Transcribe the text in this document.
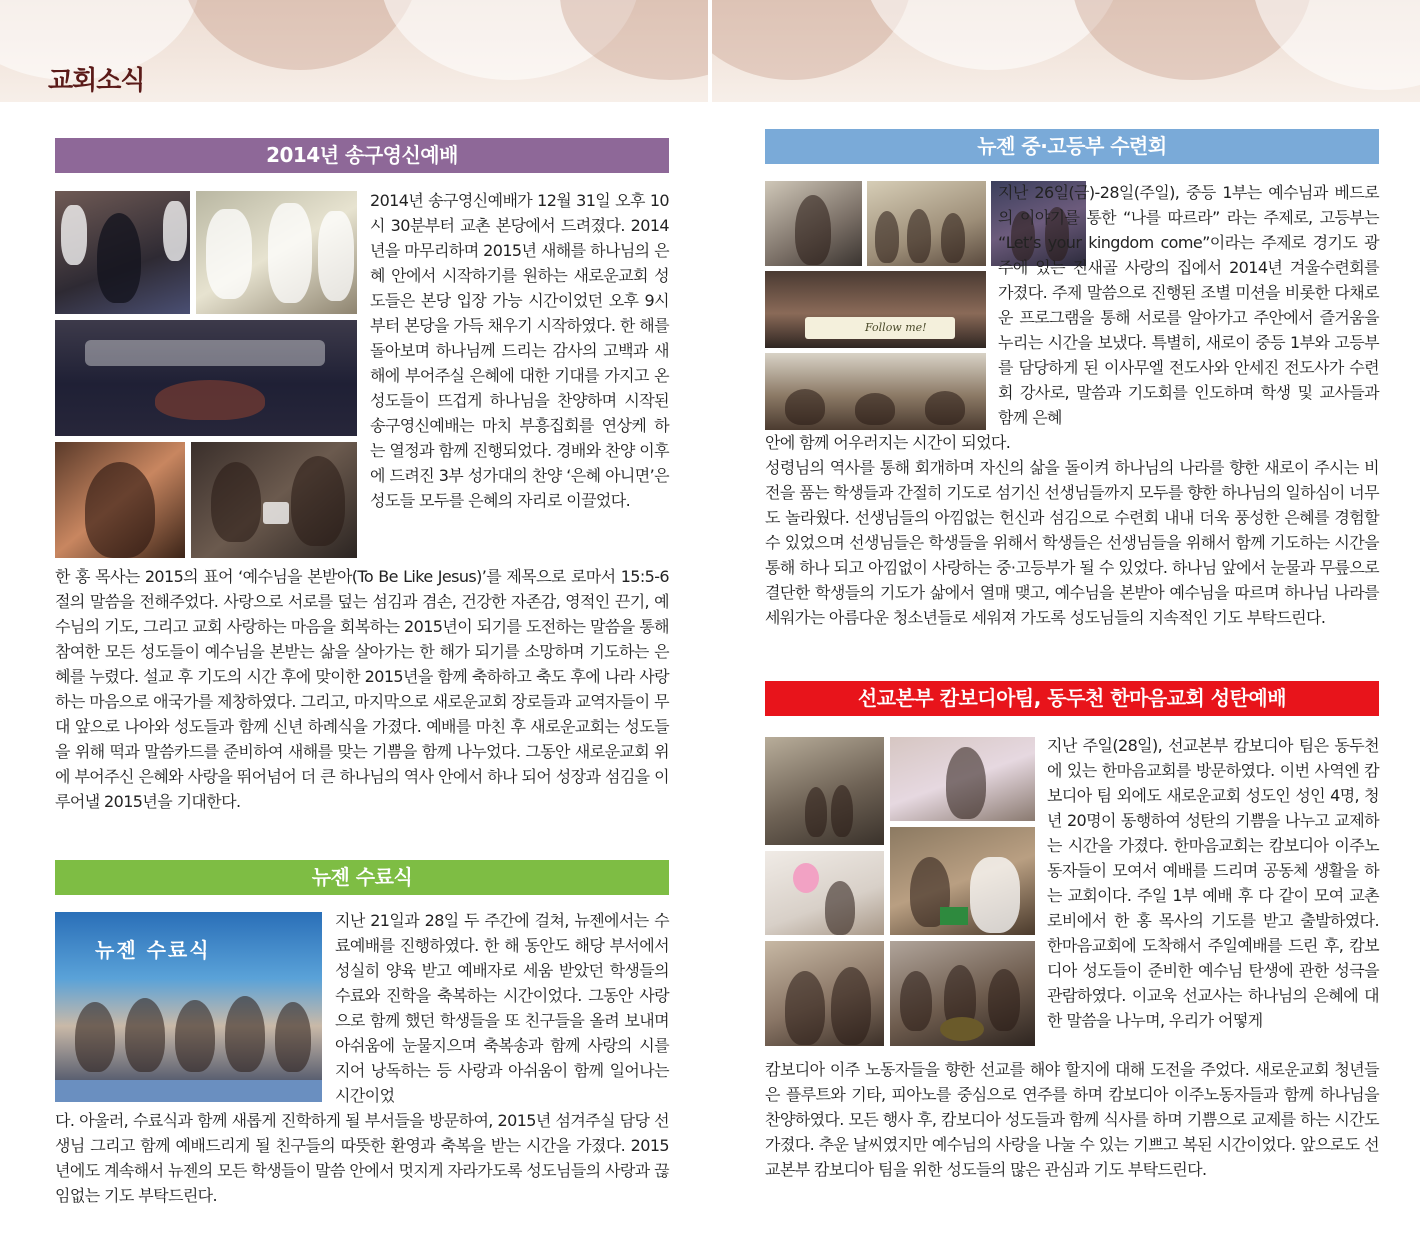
교회소식
2014년 송구영신예배
2014년 송구영신예배가 12월 31일 오후 10시 30분부터 교촌 본당에서 드려졌다. 2014년을 마무리하며 2015년 새해를 하나님의 은혜 안에서 시작하기를 원하는 새로운교회 성도들은 본당 입장 가능 시간이었던 오후 9시부터 본당을 가득 채우기 시작하였다. 한 해를 돌아보며 하나님께 드리는 감사의 고백과 새해에 부어주실 은혜에 대한 기대를 가지고 온 성도들이 뜨겁게 하나님을 찬양하며 시작된 송구영신예배는 마치 부흥집회를 연상케 하는 열정과 함께 진행되었다. 경배와 찬양 이후에 드려진 3부 성가대의 찬양 ‘은혜 아니면’은 성도들 모두를 은혜의 자리로 이끌었다.
한 홍 목사는 2015의 표어 ‘예수님을 본받아(To Be Like Jesus)’를 제목으로 로마서 15:5-6절의 말씀을 전해주었다. 사랑으로 서로를 덮는 섬김과 겸손, 건강한 자존감, 영적인 끈기, 예수님의 기도, 그리고 교회 사랑하는 마음을 회복하는 2015년이 되기를 도전하는 말씀을 통해 참여한 모든 성도들이 예수님을 본받는 삶을 살아가는 한 해가 되기를 소망하며 기도하는 은혜를 누렸다. 설교 후 기도의 시간 후에 맞이한 2015년을 함께 축하하고 축도 후에 나라 사랑하는 마음으로 애국가를 제창하였다. 그리고, 마지막으로 새로운교회 장로들과 교역자들이 무대 앞으로 나아와 성도들과 함께 신년 하례식을 가졌다. 예배를 마친 후 새로운교회는 성도들을 위해 떡과 말씀카드를 준비하여 새해를 맞는 기쁨을 함께 나누었다. 그동안 새로운교회 위에 부어주신 은혜와 사랑을 뛰어넘어 더 큰 하나님의 역사 안에서 하나 되어 성장과 섬김을 이루어낼 2015년을 기대한다.
뉴젠 수료식
뉴젠 수료식
지난 21일과 28일 두 주간에 걸쳐, 뉴젠에서는 수료예배를 진행하였다. 한 해 동안도 해당 부서에서 성실히 양육 받고 예배자로 세움 받았던 학생들의 수료와 진학을 축복하는 시간이었다. 그동안 사랑으로 함께 했던 학생들을 또 친구들을 올려 보내며 아쉬움에 눈물지으며 축복송과 함께 사랑의 시를 지어 낭독하는 등 사랑과 아쉬움이 함께 일어나는 시간이었
다. 아울러, 수료식과 함께 새롭게 진학하게 될 부서들을 방문하여, 2015년 섬겨주실 담당 선생님 그리고 함께 예배드리게 될 친구들의 따뜻한 환영과 축복을 받는 시간을 가졌다. 2015년에도 계속해서 뉴젠의 모든 학생들이 말씀 안에서 멋지게 자라가도록 성도님들의 사랑과 끊임없는 기도 부탁드린다.
뉴젠 중·고등부 수련회
Follow me!
지난 26일(금)-28일(주일), 중등 1부는 예수님과 베드로의 이야기를 통한 “나를 따르라” 라는 주제로, 고등부는 “Let’s your kingdom come”이라는 주제로 경기도 광주에 있는 진새골 사랑의 집에서 2014년 겨울수련회를 가졌다. 주제 말씀으로 진행된 조별 미션을 비롯한 다채로운 프로그램을 통해 서로를 알아가고 주안에서 즐거움을 누리는 시간을 보냈다. 특별히, 새로이 중등 1부와 고등부를 담당하게 된 이사무엘 전도사와 안세진 전도사가 수련회 강사로, 말씀과 기도회를 인도하며 학생 및 교사들과 함께 은혜
안에 함께 어우러지는 시간이 되었다.
성령님의 역사를 통해 회개하며 자신의 삶을 돌이켜 하나님의 나라를 향한 새로이 주시는 비전을 품는 학생들과 간절히 기도로 섬기신 선생님들까지 모두를 향한 하나님의 일하심이 너무도 놀라웠다. 선생님들의 아낌없는 헌신과 섬김으로 수련회 내내 더욱 풍성한 은혜를 경험할 수 있었으며 선생님들은 학생들을 위해서 학생들은 선생님들을 위해서 함께 기도하는 시간을 통해 하나 되고 아낌없이 사랑하는 중·고등부가 될 수 있었다. 하나님 앞에서 눈물과 무릎으로 결단한 학생들의 기도가 삶에서 열매 맺고, 예수님을 본받아 예수님을 따르며 하나님 나라를 세워가는 아름다운 청소년들로 세워져 가도록 성도님들의 지속적인 기도 부탁드린다.
선교본부 캄보디아팀, 동두천 한마음교회 성탄예배
지난 주일(28일), 선교본부 캄보디아 팀은 동두천에 있는 한마음교회를 방문하였다. 이번 사역엔 캄보디아 팀 외에도 새로운교회 성도인 성인 4명, 청년 20명이 동행하여 성탄의 기쁨을 나누고 교제하는 시간을 가졌다. 한마음교회는 캄보디아 이주노동자들이 모여서 예배를 드리며 공동체 생활을 하는 교회이다. 주일 1부 예배 후 다 같이 모여 교촌 로비에서 한 홍 목사의 기도를 받고 출발하였다. 한마음교회에 도착해서 주일예배를 드린 후, 캄보디아 성도들이 준비한 예수님 탄생에 관한 성극을 관람하였다. 이교욱 선교사는 하나님의 은혜에 대한 말씀을 나누며, 우리가 어떻게
캄보디아 이주 노동자들을 향한 선교를 해야 할지에 대해 도전을 주었다. 새로운교회 청년들은 플루트와 기타, 피아노를 중심으로 연주를 하며 캄보디아 이주노동자들과 함께 하나님을 찬양하였다. 모든 행사 후, 캄보디아 성도들과 함께 식사를 하며 기쁨으로 교제를 하는 시간도 가졌다. 추운 날씨였지만 예수님의 사랑을 나눌 수 있는 기쁘고 복된 시간이었다. 앞으로도 선교본부 캄보디아 팀을 위한 성도들의 많은 관심과 기도 부탁드린다.
